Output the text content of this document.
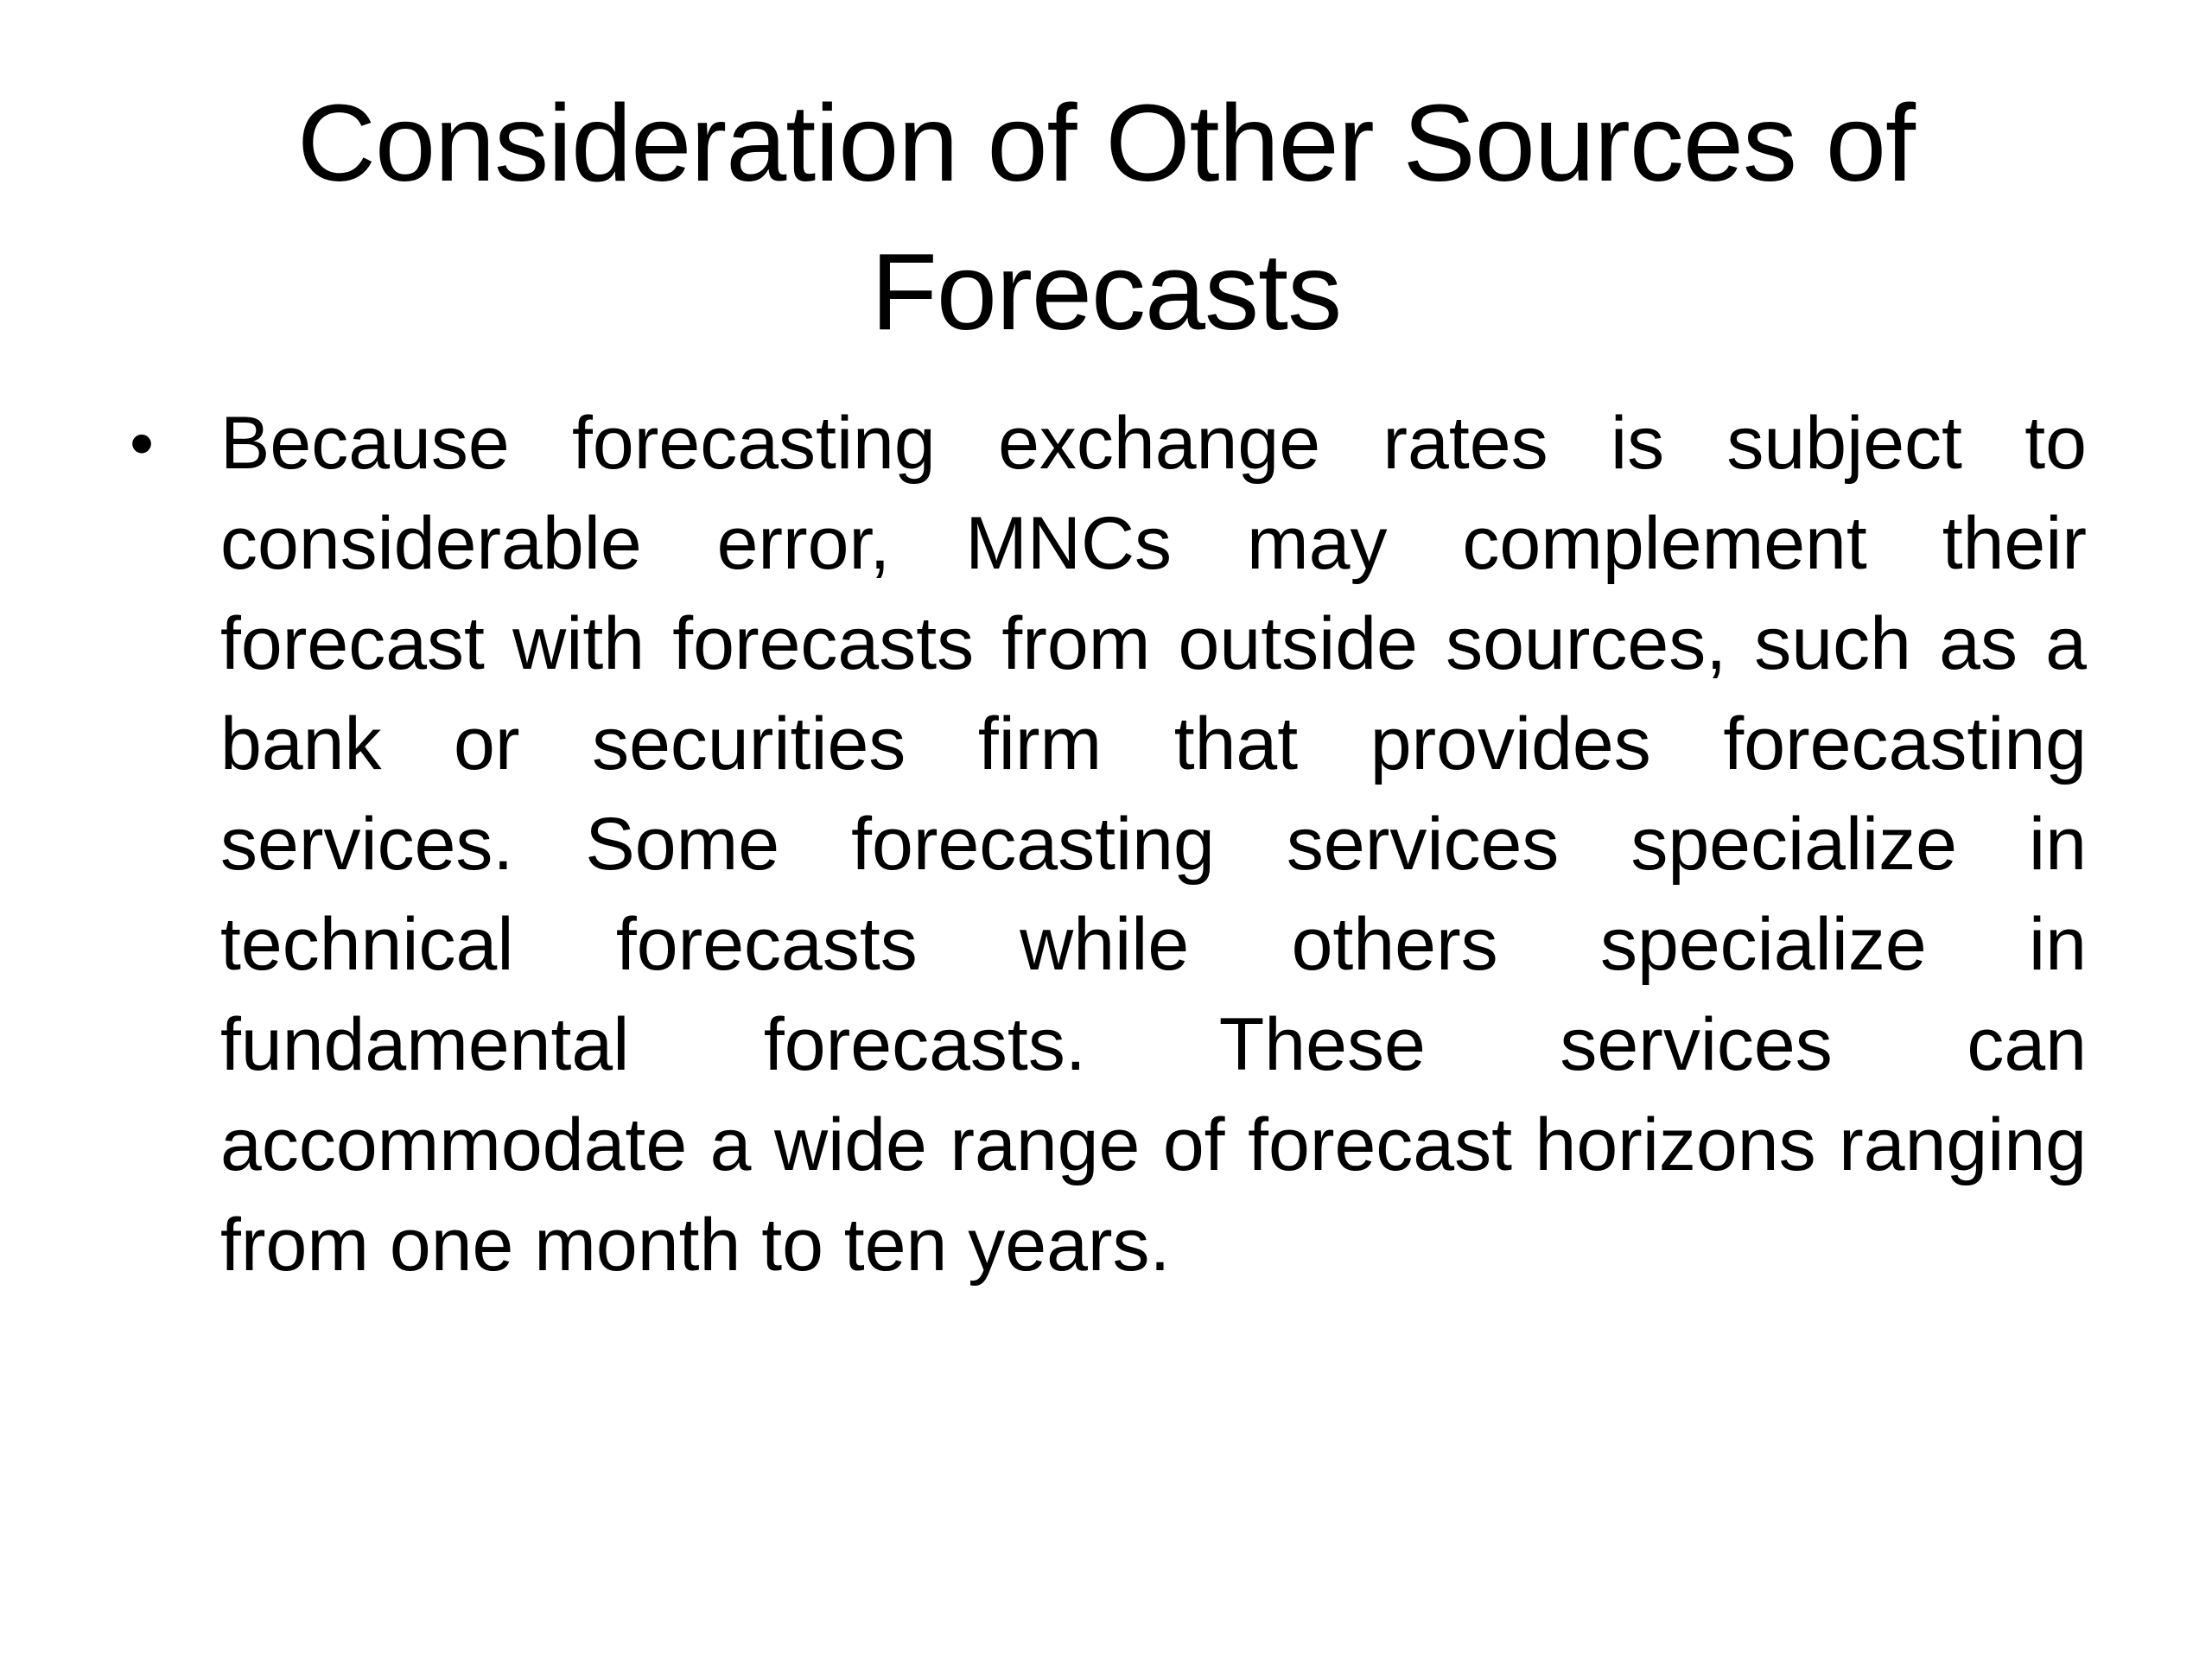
Consideration of Other Sources of Forecasts
• Because forecasting exchange rates is subject to considerable error, MNCs may complement their forecast with forecasts from outside sources, such as a bank or securities firm that provides forecasting services. Some forecasting services specialize in technical forecasts while others specialize in fundamental forecasts. These services can accommodate a wide range of forecast horizons ranging from one month to ten years.
